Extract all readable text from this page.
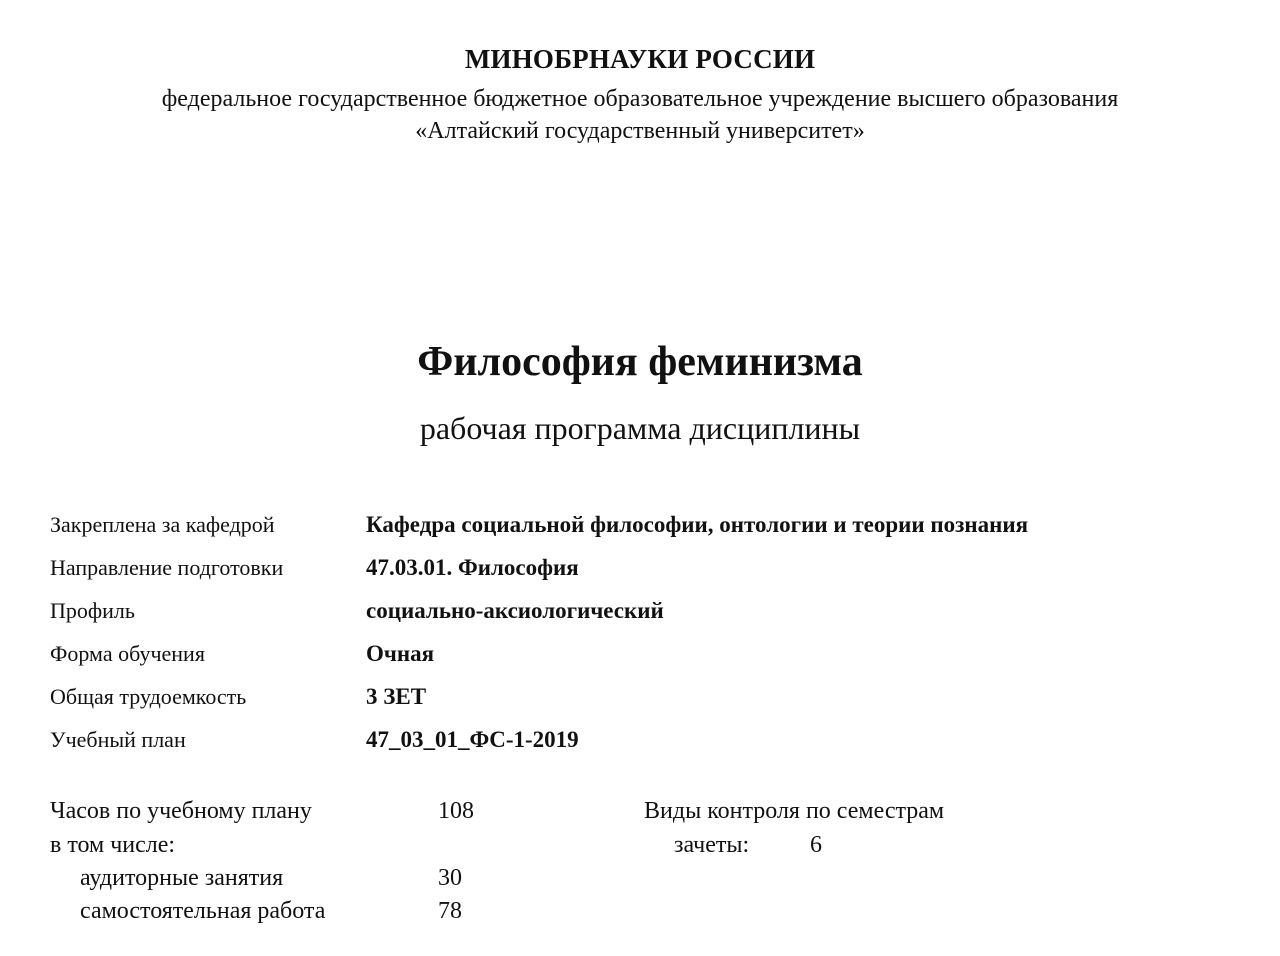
МИНОБРНАУКИ РОССИИ
федеральное государственное бюджетное образовательное учреждение высшего образования
«Алтайский государственный университет»
Философия феминизма
рабочая программа дисциплины
Закреплена за кафедрой	Кафедра социальной философии, онтологии и теории познания
Направление подготовки	47.03.01. Философия
Профиль	социально-аксиологический
Форма обучения	Очная
Общая трудоемкость	3 ЗЕТ
Учебный план	47_03_01_ФС-1-2019
Часов по учебному плану	108
в том числе:
аудиторные занятия	30
самостоятельная работа	78
Виды контроля по семестрам
зачеты:	6
